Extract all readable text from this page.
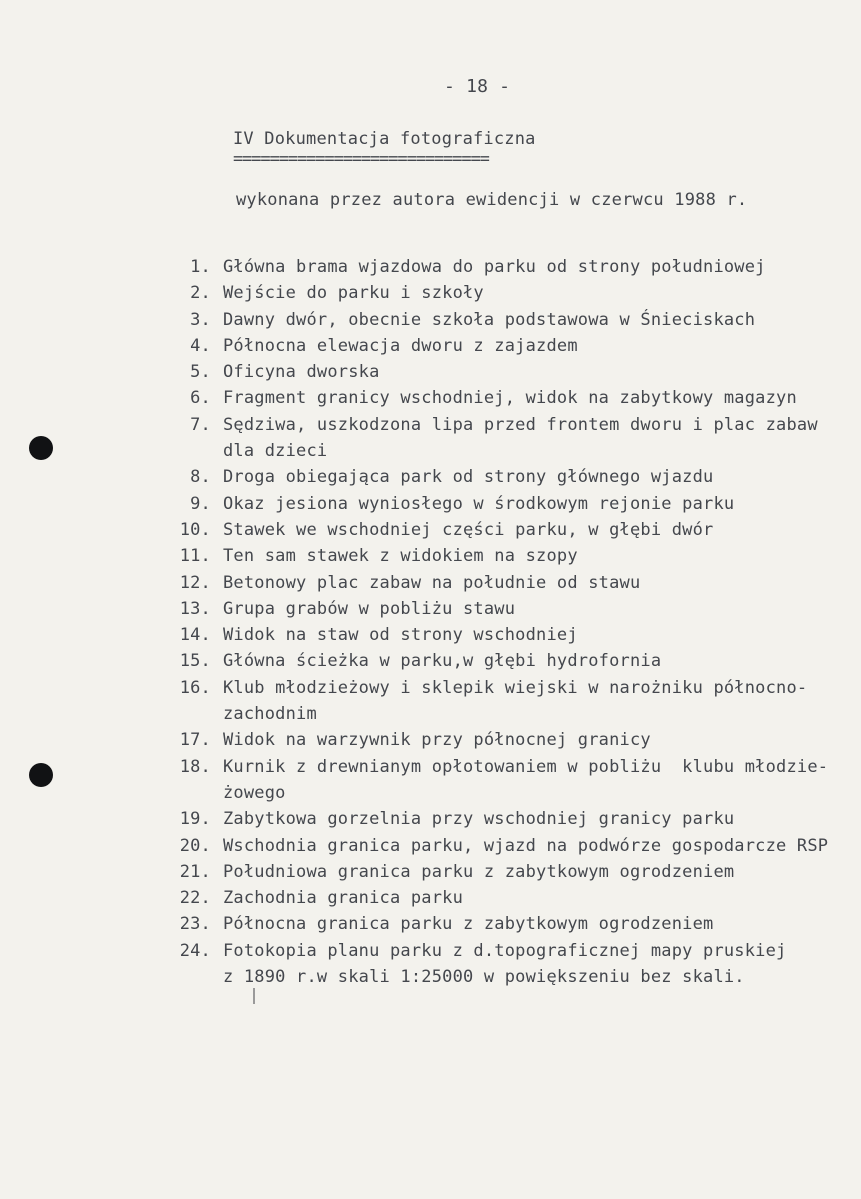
- 18 -
IV Dokumentacja fotograficzna
============================
wykonana przez autora ewidencji w czerwcu 1988 r.
1. Główna brama wjazdowa do parku od strony południowej
2. Wejście do parku i szkoły
3. Dawny dwór, obecnie szkoła podstawowa w Śnieciskach
4. Północna elewacja dworu z zajazdem
5. Oficyna dworska
6. Fragment granicy wschodniej, widok na zabytkowy magazyn
7. Sędziwa, uszkodzona lipa przed frontem dworu i plac zabaw
dla dzieci
8. Droga obiegająca park od strony głównego wjazdu
9. Okaz jesiona wyniosłego w środkowym rejonie parku
10. Stawek we wschodniej części parku, w głębi dwór
11. Ten sam stawek z widokiem na szopy
12. Betonowy plac zabaw na południe od stawu
13. Grupa grabów w pobliżu stawu
14. Widok na staw od strony wschodniej
15. Główna ścieżka w parku,w głębi hydrofornia
16. Klub młodzieżowy i sklepik wiejski w narożniku północno-
zachodnim
17. Widok na warzywnik przy północnej granicy
18. Kurnik z drewnianym opłotowaniem w pobliżu  klubu młodzie-
żowego
19. Zabytkowa gorzelnia przy wschodniej granicy parku
20. Wschodnia granica parku, wjazd na podwórze gospodarcze RSP
21. Południowa granica parku z zabytkowym ogrodzeniem
22. Zachodnia granica parku
23. Północna granica parku z zabytkowym ogrodzeniem
24. Fotokopia planu parku z d.topograficznej mapy pruskiej
z 1890 r.w skali 1:25000 w powiększeniu bez skali.
